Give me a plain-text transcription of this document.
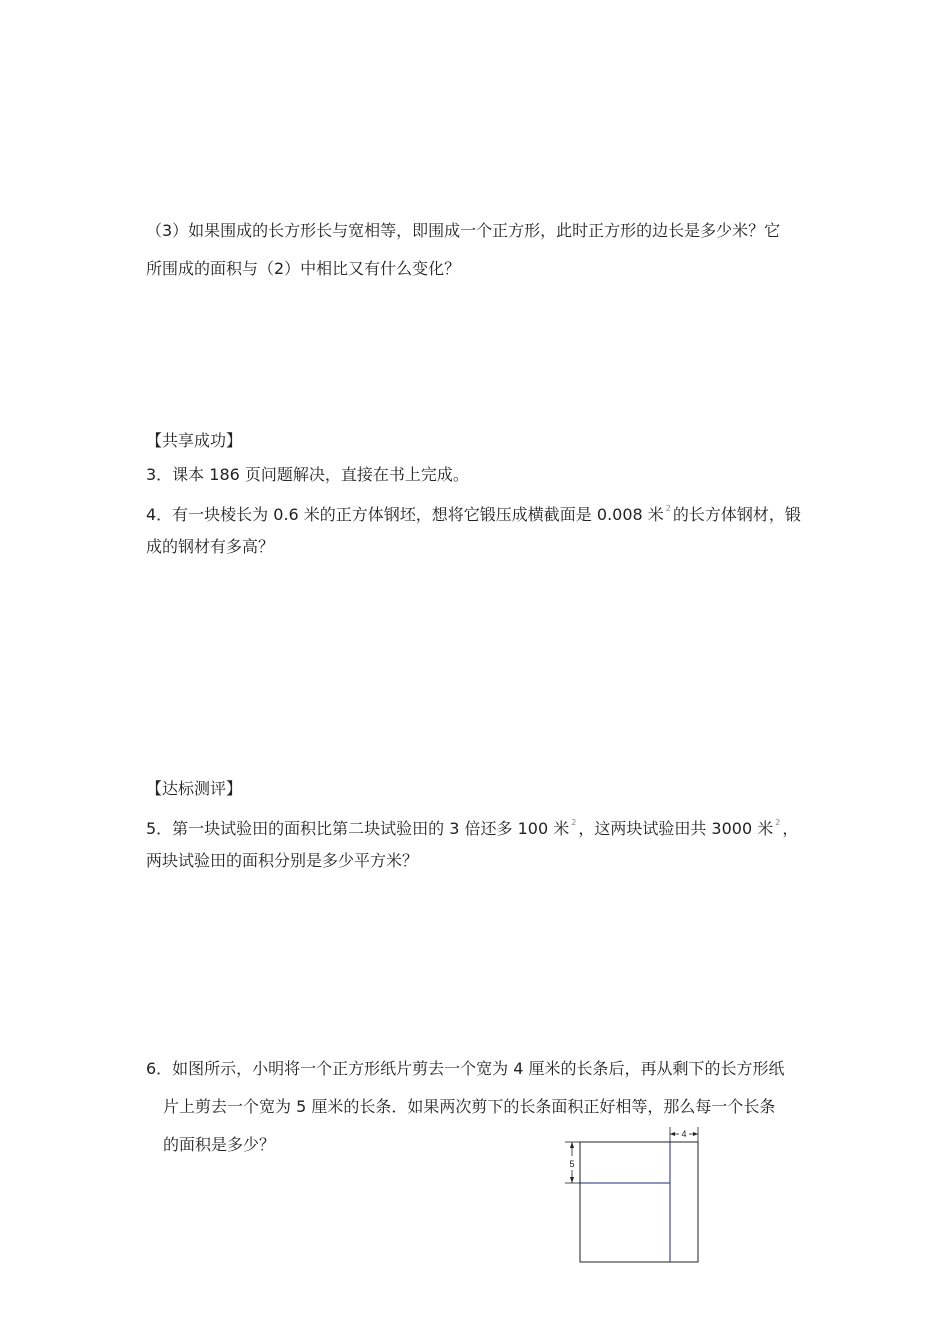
（3）如果围成的长方形长与宽相等，即围成一个正方形，此时正方形的边长是多少米？它
所围成的面积与（2）中相比又有什么变化？
【共享成功】
3．课本 186 页问题解决，直接在书上完成。
4．有一块棱长为 0.6 米的正方体钢坯，想将它锻压成横截面是 0.008 米 $^2$ 的长方体钢材，锻
成的钢材有多高？
【达标测评】
5．第一块试验田的面积比第二块试验田的 3 倍还多 100 米 $^2$ ，这两块试验田共 3000 米 $^2$ ，
两块试验田的面积分别是多少平方米？
6．如图所示，小明将一个正方形纸片剪去一个宽为 4 厘米的长条后，再从剩下的长方形纸
片上剪去一个宽为 5 厘米的长条．如果两次剪下的长条面积正好相等，那么每一个长条
的面积是多少？
4
5
